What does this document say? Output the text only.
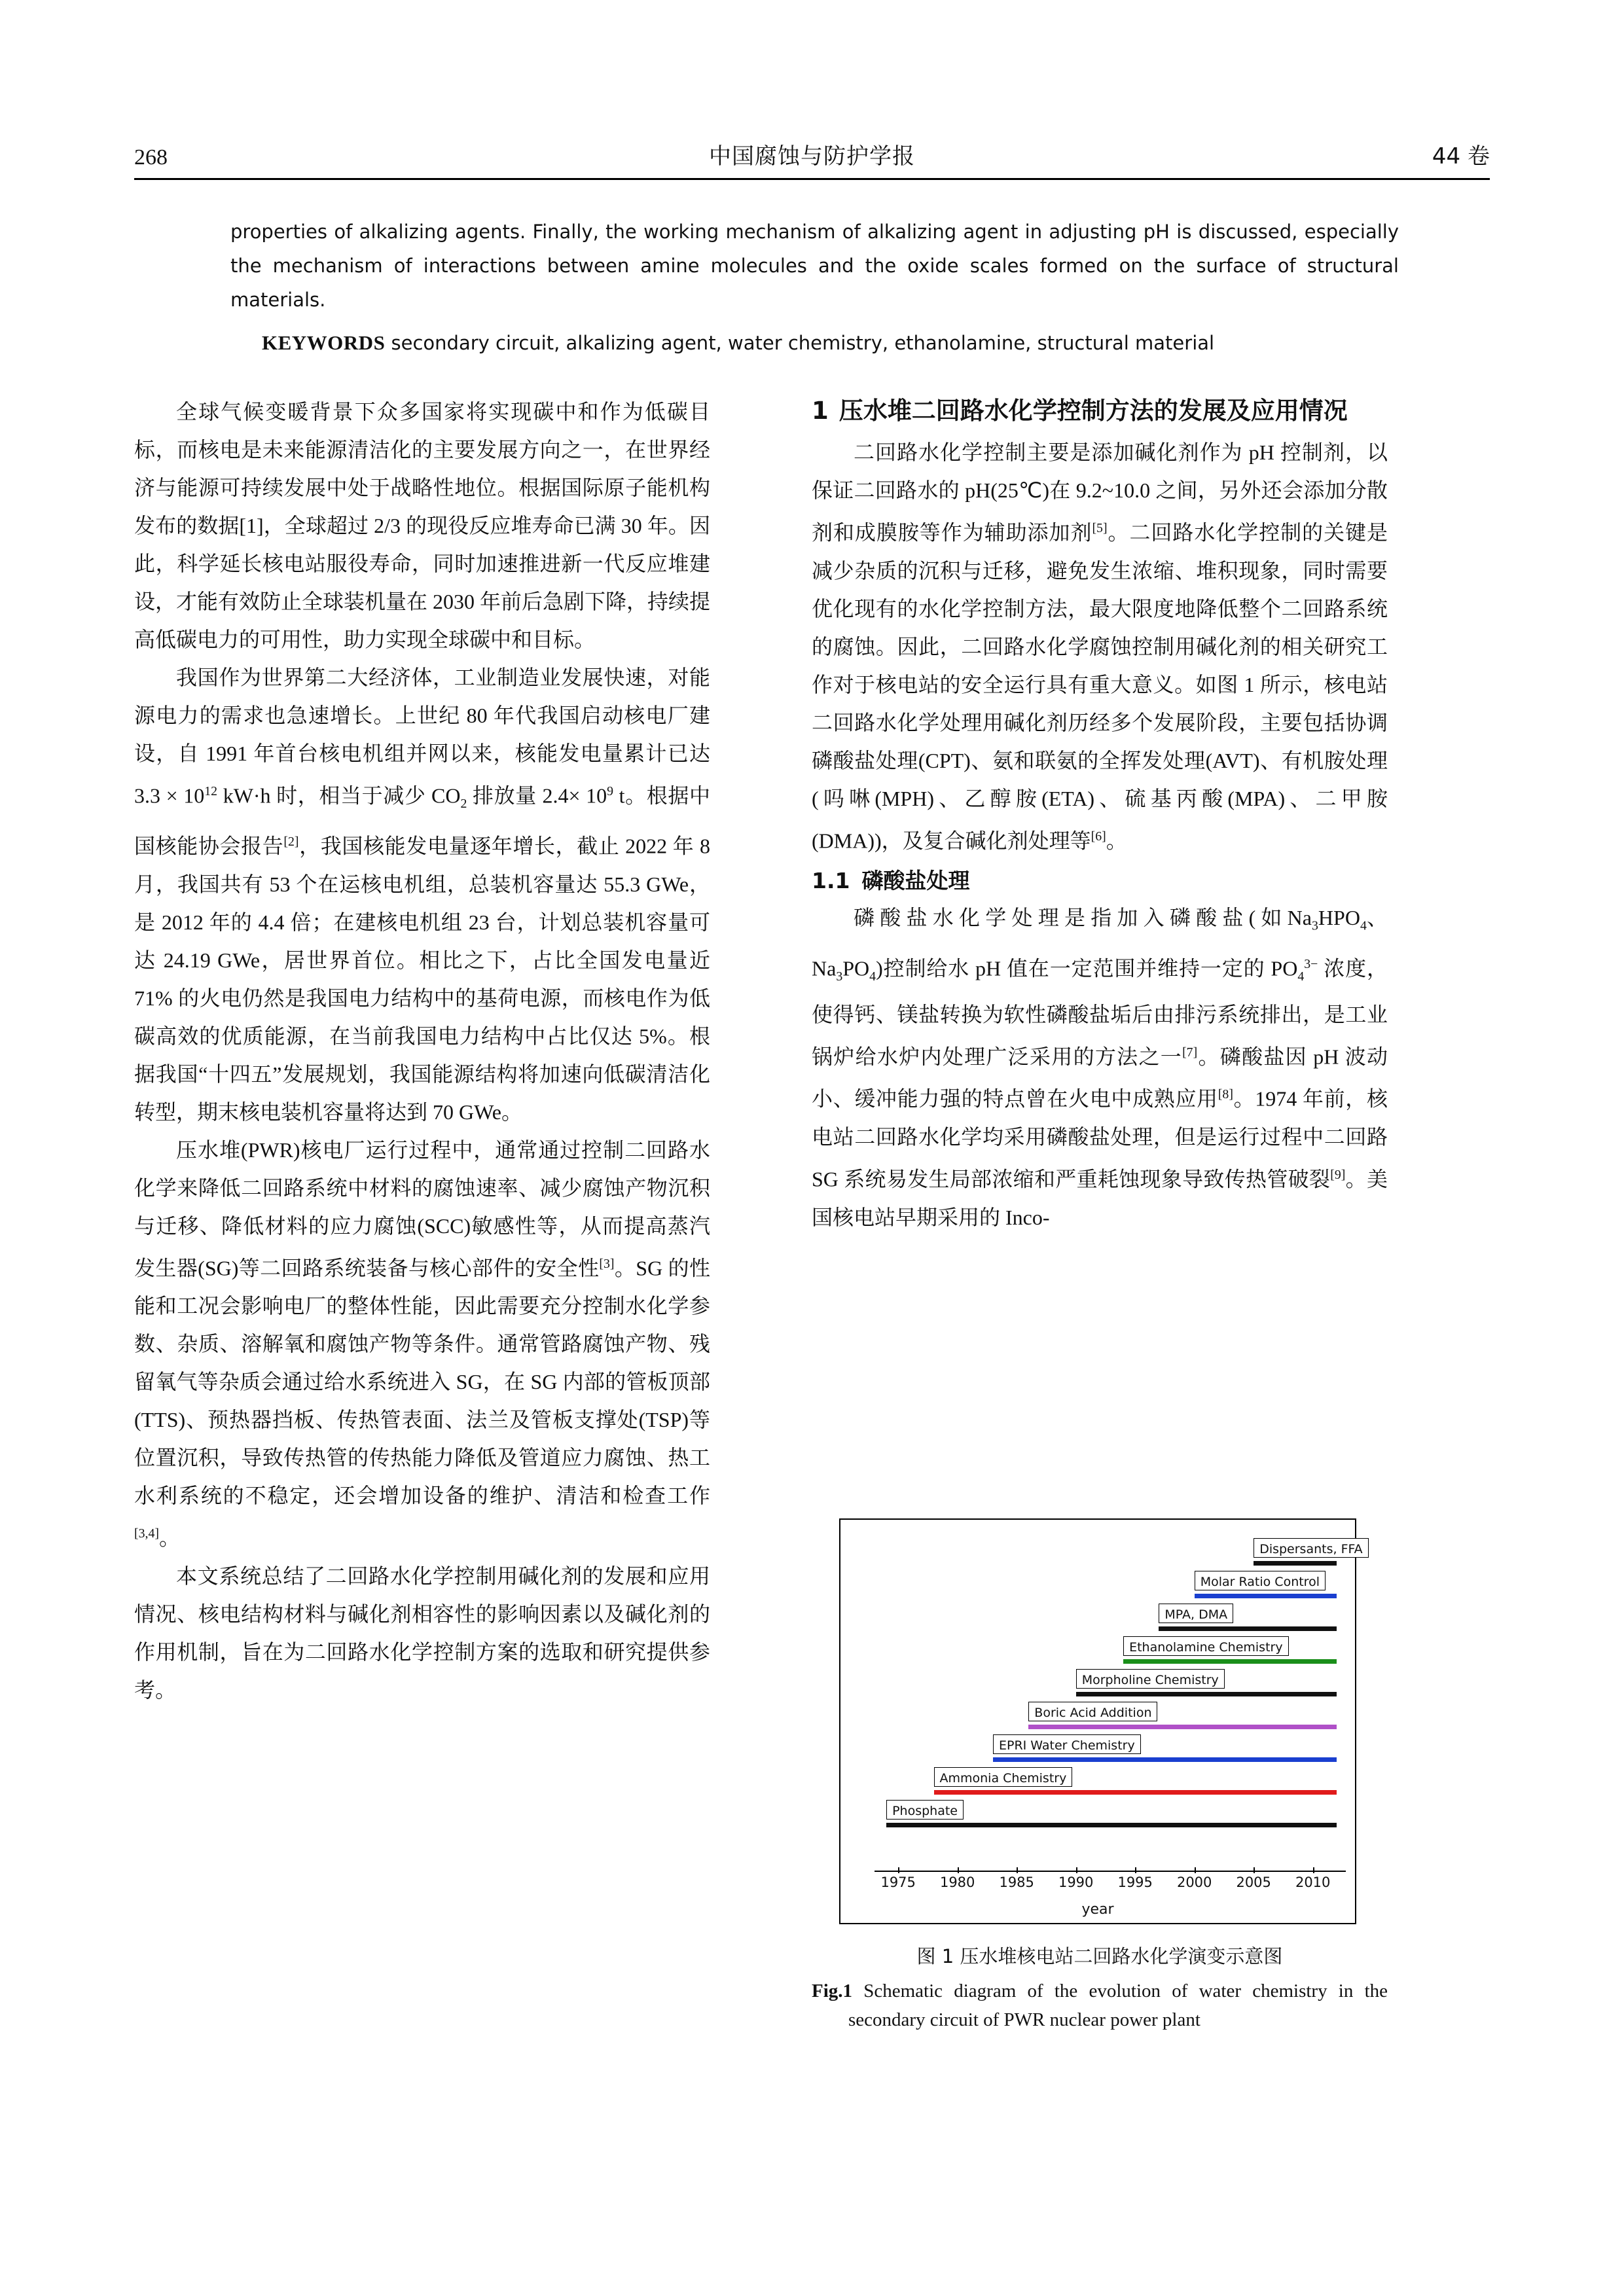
268	中国腐蚀与防护学报	44 卷

properties of alkalizing agents. Finally, the working mechanism of alkalizing agent in adjusting pH is discussed, especially the mechanism of interactions between amine molecules and the oxide scales formed on the surface of structural materials.

KEYWORDS secondary circuit, alkalizing agent, water chemistry, ethanolamine, structural material

全球气候变暖背景下众多国家将实现碳中和作为低碳目标，而核电是未来能源清洁化的主要发展方向之一，在世界经济与能源可持续发展中处于战略性地位。根据国际原子能机构发布的数据[1]，全球超过 2/3 的现役反应堆寿命已满 30 年。因此，科学延长核电站服役寿命，同时加速推进新一代反应堆建设，才能有效防止全球装机量在 2030 年前后急剧下降，持续提高低碳电力的可用性，助力实现全球碳中和目标。

我国作为世界第二大经济体，工业制造业发展快速，对能源电力的需求也急速增长。上世纪 80 年代我国启动核电厂建设，自 1991 年首台核电机组并网以来，核能发电量累计已达 $3.3 \times 10^{12}$ kW·h 时，相当于减少 $CO_2$ 排放量 $2.4\times 10^9$ t。根据中国核能协会报告[2]，我国核能发电量逐年增长，截止 2022 年 8 月，我国共有 53 个在运核电机组，总装机容量达 55.3 GWe，是 2012 年的 4.4 倍；在建核电机组 23 台，计划总装机容量可达 24.19 GWe，居世界首位。相比之下，占比全国发电量近 71% 的火电仍然是我国电力结构中的基荷电源，而核电作为低碳高效的优质能源，在当前我国电力结构中占比仅达 5%。根据我国“十四五”发展规划，我国能源结构将加速向低碳清洁化转型，期末核电装机容量将达到 70 GWe。

压水堆(PWR)核电厂运行过程中，通常通过控制二回路水化学来降低二回路系统中材料的腐蚀速率、减少腐蚀产物沉积与迁移、降低材料的应力腐蚀(SCC)敏感性等，从而提高蒸汽发生器(SG)等二回路系统装备与核心部件的安全性[3]。SG 的性能和工况会影响电厂的整体性能，因此需要充分控制水化学参数、杂质、溶解氧和腐蚀产物等条件。通常管路腐蚀产物、残留氧气等杂质会通过给水系统进入 SG，在 SG 内部的管板顶部(TTS)、预热器挡板、传热管表面、法兰及管板支撑处(TSP)等位置沉积，导致传热管的传热能力降低及管道应力腐蚀、热工水利系统的不稳定，还会增加设备的维护、清洁和检查工作[3,4]。

本文系统总结了二回路水化学控制用碱化剂的发展和应用情况、核电结构材料与碱化剂相容性的影响因素以及碱化剂的作用机制，旨在为二回路水化学控制方案的选取和研究提供参考。

1 压水堆二回路水化学控制方法的发展及应用情况

二回路水化学控制主要是添加碱化剂作为 pH 控制剂，以保证二回路水的 pH(25℃)在 9.2~10.0 之间，另外还会添加分散剂和成膜胺等作为辅助添加剂[5]。二回路水化学控制的关键是减少杂质的沉积与迁移，避免发生浓缩、堆积现象，同时需要优化现有的水化学控制方法，最大限度地降低整个二回路系统的腐蚀。因此，二回路水化学腐蚀控制用碱化剂的相关研究工作对于核电站的安全运行具有重大意义。如图 1 所示，核电站二回路水化学处理用碱化剂历经多个发展阶段，主要包括协调磷酸盐处理(CPT)、氨和联氨的全挥发处理(AVT)、有机胺处理(吗啉(MPH)、乙醇胺(ETA)、硫基丙酸(MPA)、二甲胺(DMA))，及复合碱化剂处理等[6]。

1.1 磷酸盐处理

磷 酸 盐 水 化 学 处 理 是 指 加 入 磷 酸 盐 ( 如 $Na_3HPO_4$、$Na_3PO_4$)控制给水 pH 值在一定范围并维持一定的 $PO_4^{3-}$ 浓度，使得钙、镁盐转换为软性磷酸盐垢后由排污系统排出，是工业锅炉给水炉内处理广泛采用的方法之一[7]。磷酸盐因 pH 波动小、缓冲能力强的特点曾在火电中成熟应用[8]。1974 年前，核电站二回路水化学均采用磷酸盐处理，但是运行过程中二回路 SG 系统易发生局部浓缩和严重耗蚀现象导致传热管破裂[9]。美国核电站早期采用的 Inco-

1975 1980 1985 1990 1995 2000 2005 2010
year
Dispersants, FFA
Molar Ratio Control
MPA, DMA
Ethanolamine Chemistry
Morpholine Chemistry
Boric Acid Addition
EPRI Water Chemistry
Ammonia Chemistry
Phosphate
图 1 压水堆核电站二回路水化学演变示意图
Fig.1 Schematic diagram of the evolution of water chemistry in the secondary circuit of PWR nuclear power plant
